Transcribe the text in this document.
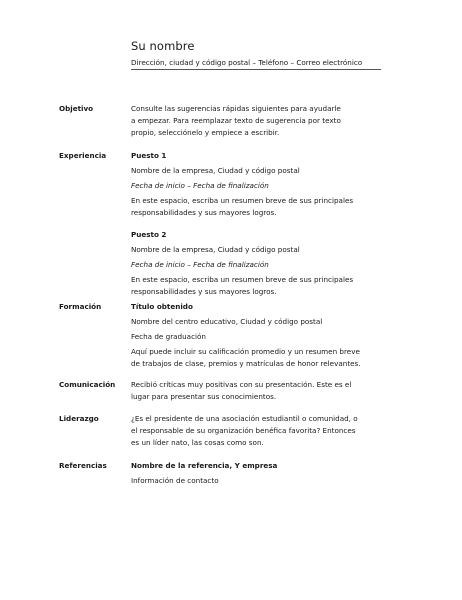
Su nombre
Dirección, ciudad y código postal – Teléfono – Correo electrónico
Objetivo	Consulte las sugerencias rápidas siguientes para ayudarle

a empezar. Para reemplazar texto de sugerencia por texto

propio, selecciónelo y empiece a escribir.

Experiencia	Puesto 1

Nombre de la empresa, Ciudad y código postal

Fecha de inicio – Fecha de finalización

En este espacio, escriba un resumen breve de sus principales

responsabilidades y sus mayores logros.

Puesto 2

Nombre de la empresa, Ciudad y código postal

Fecha de inicio – Fecha de finalización

En este espacio, escriba un resumen breve de sus principales

responsabilidades y sus mayores logros.

Formación	Título obtenido

Nombre del centro educativo, Ciudad y código postal

Fecha de graduación

Aquí puede incluir su calificación promedio y un resumen breve

de trabajos de clase, premios y matrículas de honor relevantes.

Comunicación	Recibió críticas muy positivas con su presentación. Este es el

lugar para presentar sus conocimientos.

Liderazgo	¿Es el presidente de una asociación estudiantil o comunidad, o

el responsable de su organización benéfica favorita? Entonces

es un líder nato, las cosas como son.

Referencias	Nombre de la referencia, Y empresa

Información de contacto
